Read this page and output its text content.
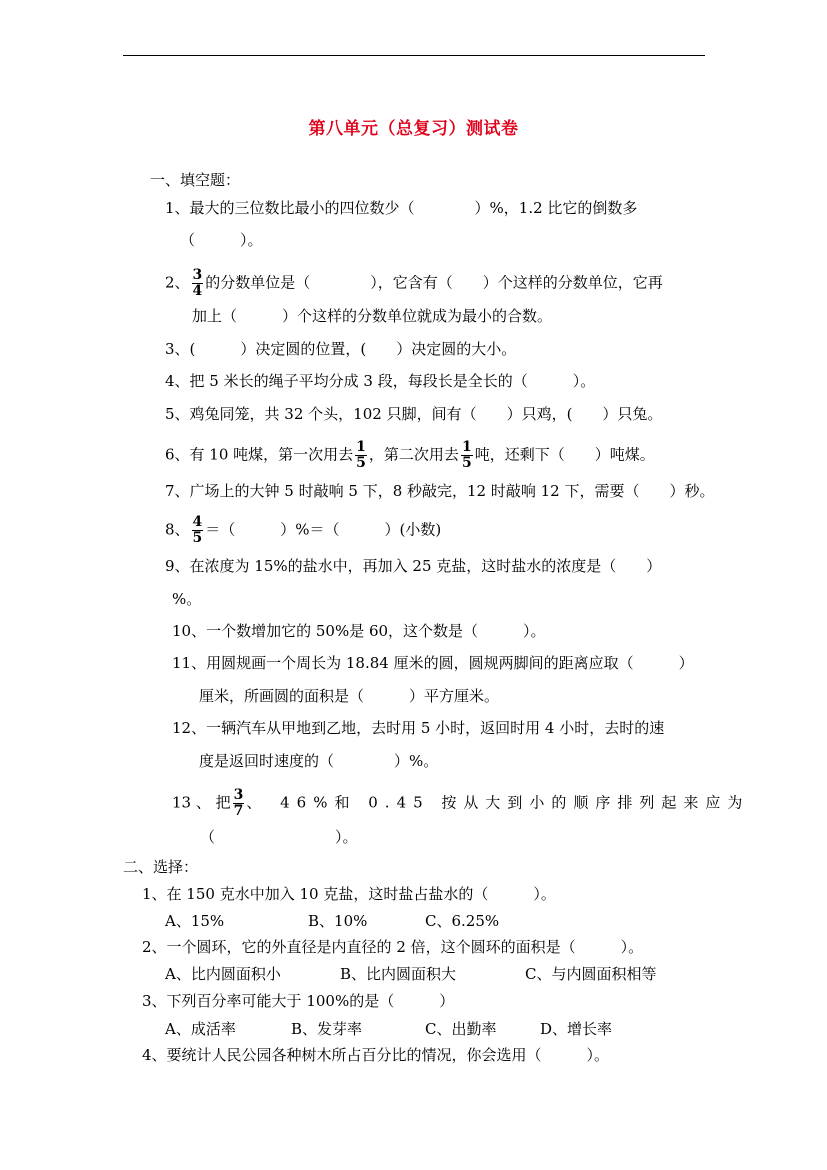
第八单元（总复习）测试卷
一、填空题：
1、最大的三位数比最小的四位数少（　　　　）%，1.2 比它的倒数多
（　　　）。
2、 $\frac{3}{4}$ 的分数单位是（　　　　），它含有（　　）个这样的分数单位，它再
加上（　　　）个这样的分数单位就成为最小的合数。
3、(　　　）决定圆的位置，(　　）决定圆的大小。
4、把 5 米长的绳子平均分成 3 段，每段长是全长的（　　　）。
5、鸡兔同笼，共 32 个头，102 只脚，间有（　　）只鸡，(　　）只兔。
6、有 10 吨煤，第一次用去 $\frac{1}{5}$ ，第二次用去 $\frac{1}{5}$ 吨，还剩下（　　）吨煤。
7、广场上的大钟 5 时敲响 5 下，8 秒敲完，12 时敲响 12 下，需要（　　）秒。
8、 $\frac{4}{5}$ ＝（　　　）%＝（　　　）(小数)
9、在浓度为 15%的盐水中，再加入 25 克盐，这时盐水的浓度是（　　）
%。
10、一个数增加它的 50%是 60，这个数是（　　　）。
11、用圆规画一个周长为 18.84 厘米的圆，圆规两脚间的距离应取（　　　）
厘米，所画圆的面积是（　　　）平方厘米。
12、一辆汽车从甲地到乙地，去时用 5 小时，返回时用 4 小时，去时的速
度是返回时速度的（　　　　）%。
13 、 把 $\frac{3}{7}$ 、 46%和 0.45 按从大到小的顺序排列起来应为
（　　　　　　　　）。
二、选择：
1、在 150 克水中加入 10 克盐，这时盐占盐水的（　　　）。
A、15%	B、10%	C、6.25%
2、一个圆环，它的外直径是内直径的 2 倍，这个圆环的面积是（　　　）。
A、比内圆面积小	B、比内圆面积大	C、与内圆面积相等
3、下列百分率可能大于 100%的是（　　　）
A、成活率	B、发芽率	C、出勤率	D、增长率
4、要统计人民公园各种树木所占百分比的情况，你会选用（　　　）。
